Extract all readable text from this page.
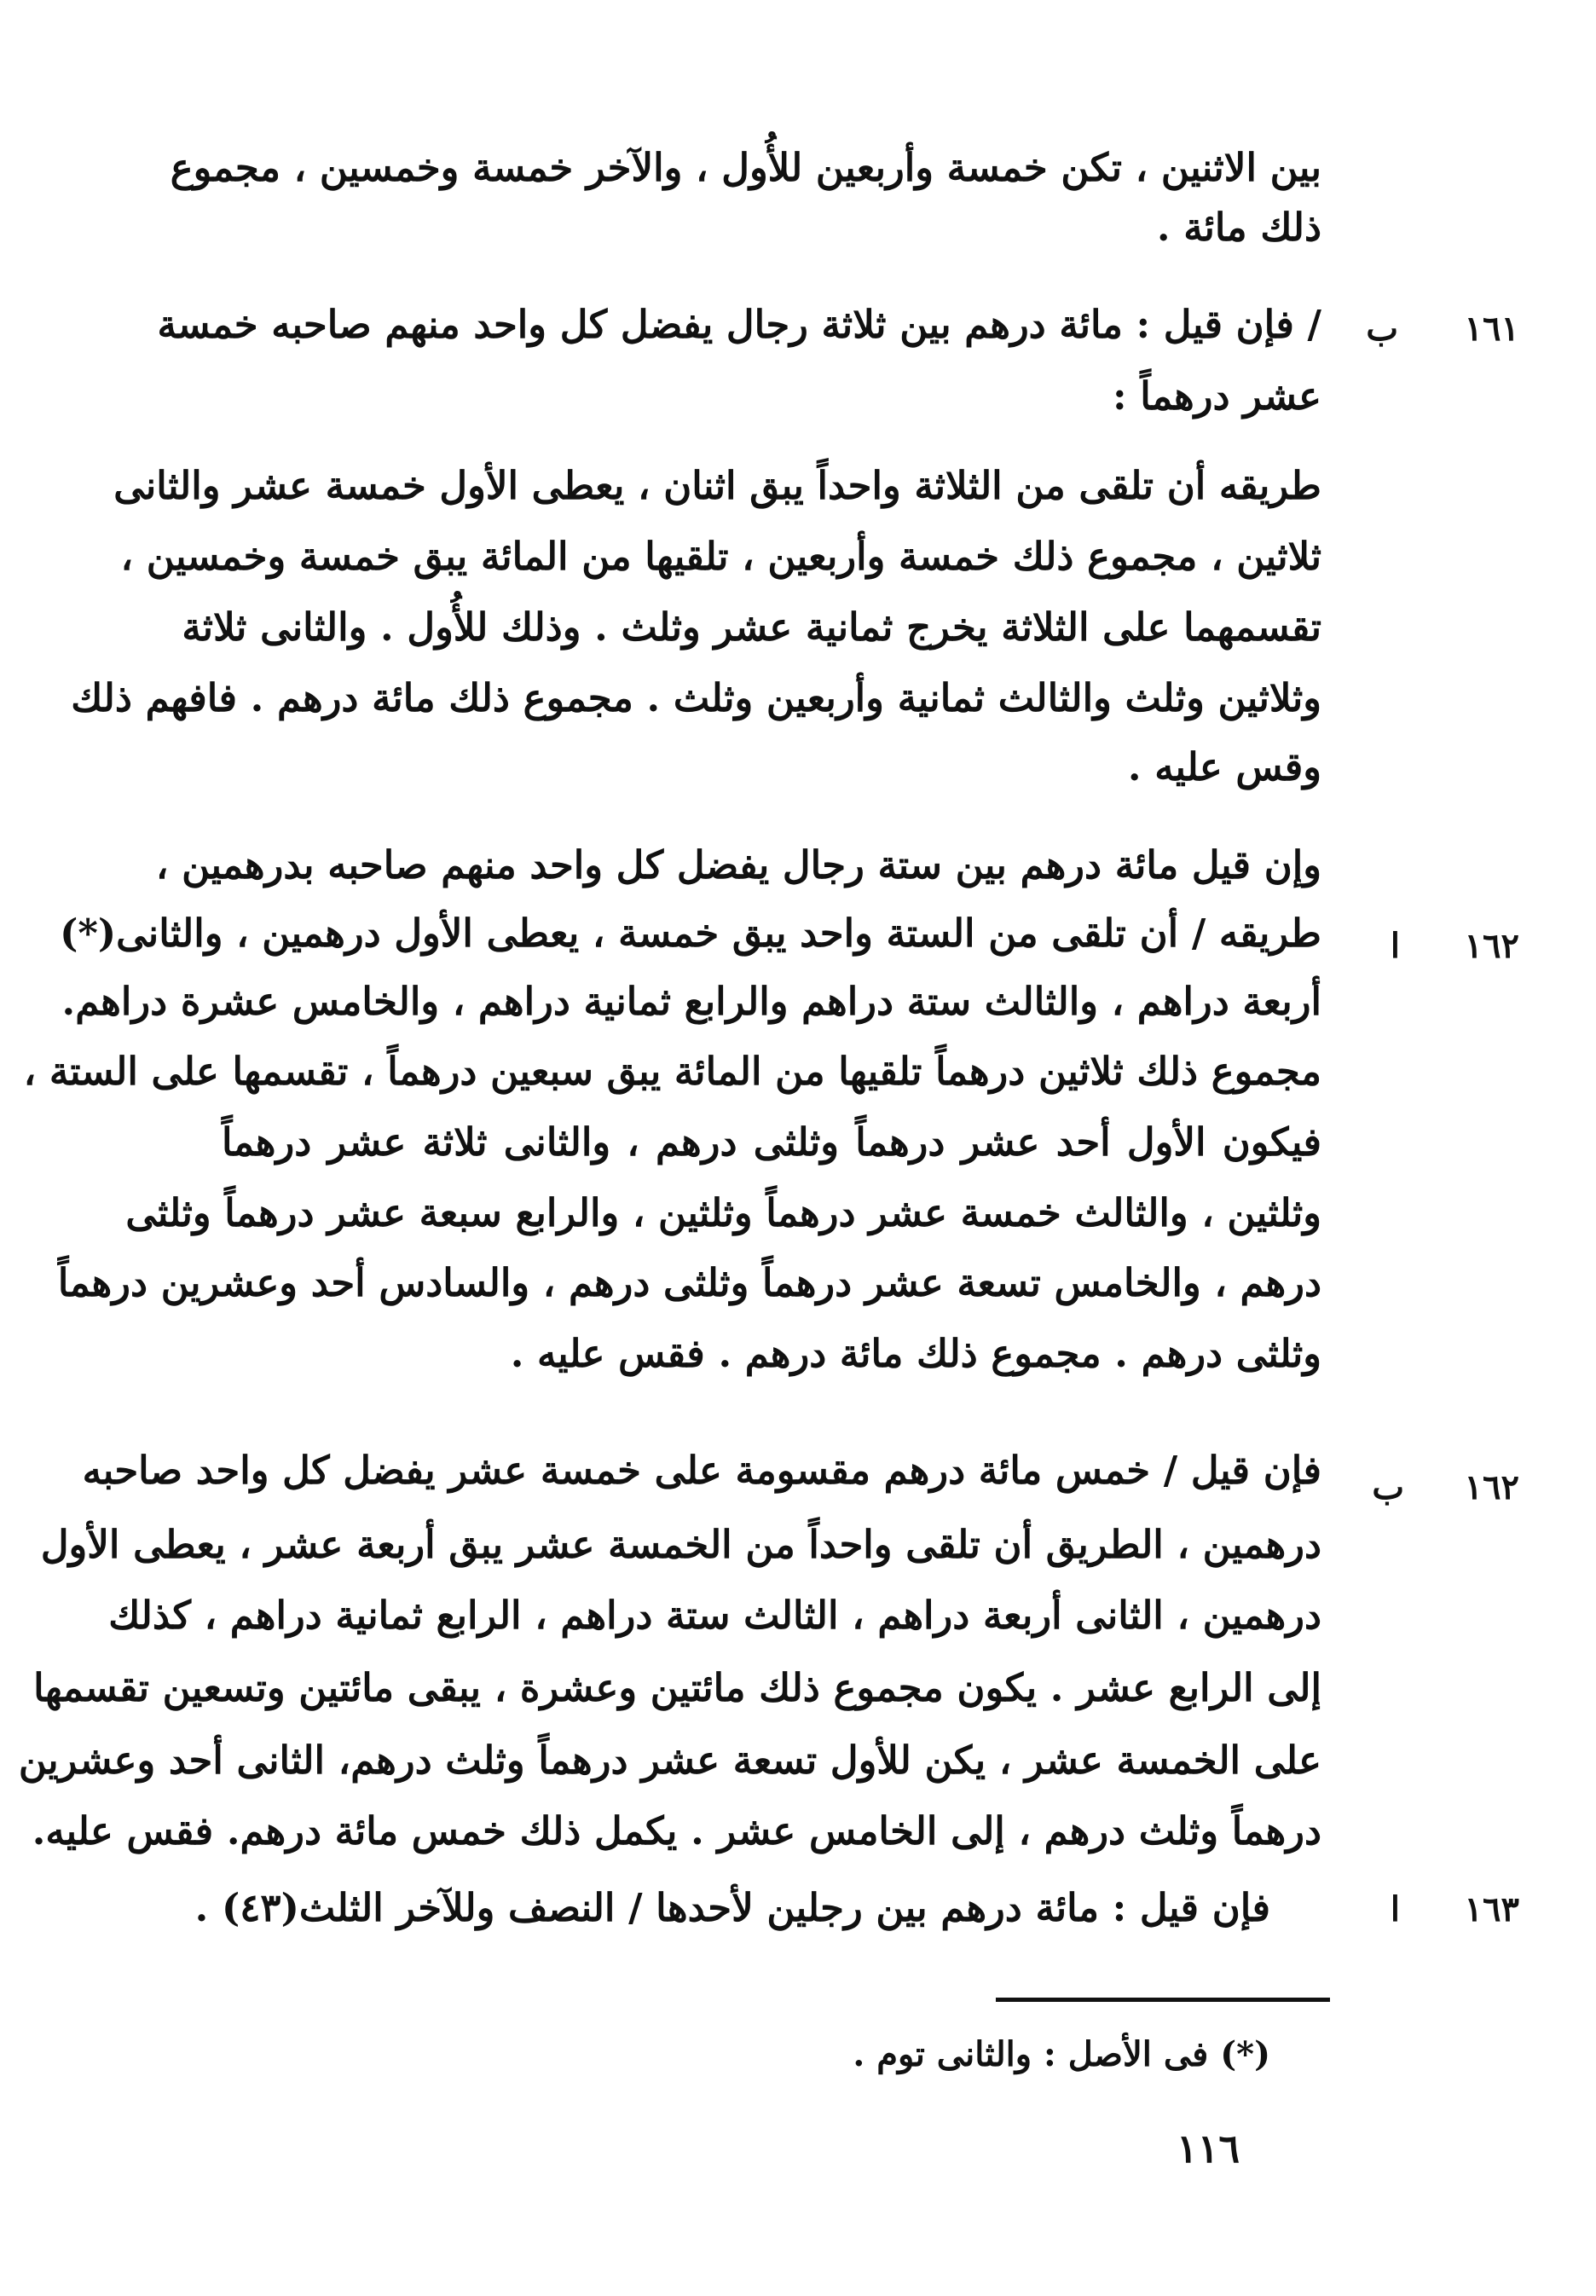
بين الاثنين ، تكن خمسة وأربعين للأُول ، والآخر خمسة وخمسين ، مجموع
ذلك مائة .
/ فإن قيل : مائة درهم بين ثلاثة رجال يفضل كل واحد منهم صاحبه خمسة
عشر درهماً :
طريقه أن تلقى من الثلاثة واحداً يبق اثنان ، يعطى الأول خمسة عشر والثانى
ثلاثين ، مجموع ذلك خمسة وأربعين ، تلقيها من المائة يبق خمسة وخمسين ،
تقسمهما على الثلاثة يخرج ثمانية عشر وثلث . وذلك للأُول . والثانى ثلاثة
وثلاثين وثلث والثالث ثمانية وأربعين وثلث . مجموع ذلك مائة درهم . فافهم ذلك
وقس عليه .
وإن قيل مائة درهم بين ستة رجال يفضل كل واحد منهم صاحبه بدرهمين ،
طريقه / أن تلقى من الستة واحد يبق خمسة ، يعطى الأول درهمين ، والثانى(*)
أربعة دراهم ، والثالث ستة دراهم والرابع ثمانية دراهم ، والخامس عشرة دراهم.
مجموع ذلك ثلاثين درهماً تلقيها من المائة يبق سبعين درهماً ، تقسمها على الستة ،
فيكون الأول أحد عشر درهماً وثلثى درهم ، والثانى ثلاثة عشر درهماً
وثلثين ، والثالث خمسة عشر درهماً وثلثين ، والرابع سبعة عشر درهماً وثلثى
درهم ، والخامس تسعة عشر درهماً وثلثى درهم ، والسادس أحد وعشرين درهماً
وثلثى درهم . مجموع ذلك مائة درهم . فقس عليه .
فإن قيل / خمس مائة درهم مقسومة على خمسة عشر يفضل كل واحد صاحبه
درهمين ، الطريق أن تلقى واحداً من الخمسة عشر يبق أربعة عشر ، يعطى الأول
درهمين ، الثانى أربعة دراهم ، الثالث ستة دراهم ، الرابع ثمانية دراهم ، كذلك
إلى الرابع عشر . يكون مجموع ذلك مائتين وعشرة ، يبقى مائتين وتسعين تقسمها
على الخمسة عشر ، يكن للأول تسعة عشر درهماً وثلث درهم، الثانى أحد وعشرين
درهماً وثلث درهم ، إلى الخامس عشر . يكمل ذلك خمس مائة درهم. فقس عليه.
فإن قيل : مائة درهم بين رجلين لأحدها / النصف وللآخر الثلث(٤٣) .
١٦١
ب
١٦٢
ا
١٦٢
ب
١٦٣
ا
(*) فى الأصل : والثانى توم .
١١٦
